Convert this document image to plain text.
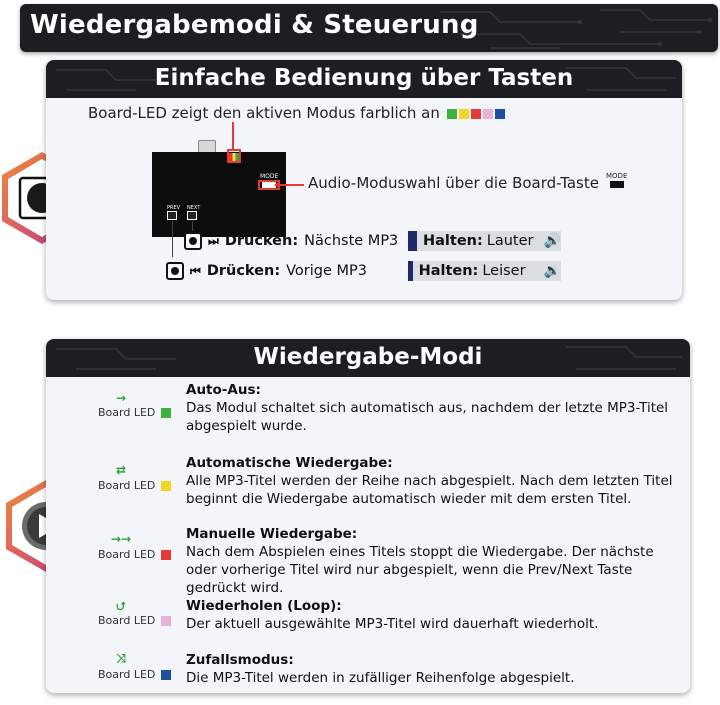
Wiedergabemodi & Steuerung
Einfache Bedienung über Tasten
Board-LED zeigt den aktiven Modus farblich an
MODE Audio-Moduswahl über die Board-Taste MODE
PREV NEXT
⏭ Drücken: Nächste MP3 Halten: Lauter 🔊
⏮ Drücken: Vorige MP3	Halten: Leiser 🔉
Wiedergabe-Modi
→
Board LED
Auto-Aus:
Das Modul schaltet sich automatisch aus, nachdem der letzte MP3-Titel abgespielt wurde.
⇄
Board LED
Automatische Wiedergabe:
Alle MP3-Titel werden der Reihe nach abgespielt. Nach dem letzten Titel beginnt die Wiedergabe automatisch wieder mit dem ersten Titel.
→→
Board LED
Manuelle Wiedergabe:
Nach dem Abspielen eines Titels stoppt die Wiedergabe. Der nächste oder vorherige Titel wird nur abgespielt, wenn die Prev/Next Taste gedrückt wird.
⮍
Board LED
Wiederholen (Loop):
Der aktuell ausgewählte MP3-Titel wird dauerhaft wiederholt.
⤨
Board LED
Zufallsmodus:
Die MP3-Titel werden in zufälliger Reihenfolge abgespielt.
